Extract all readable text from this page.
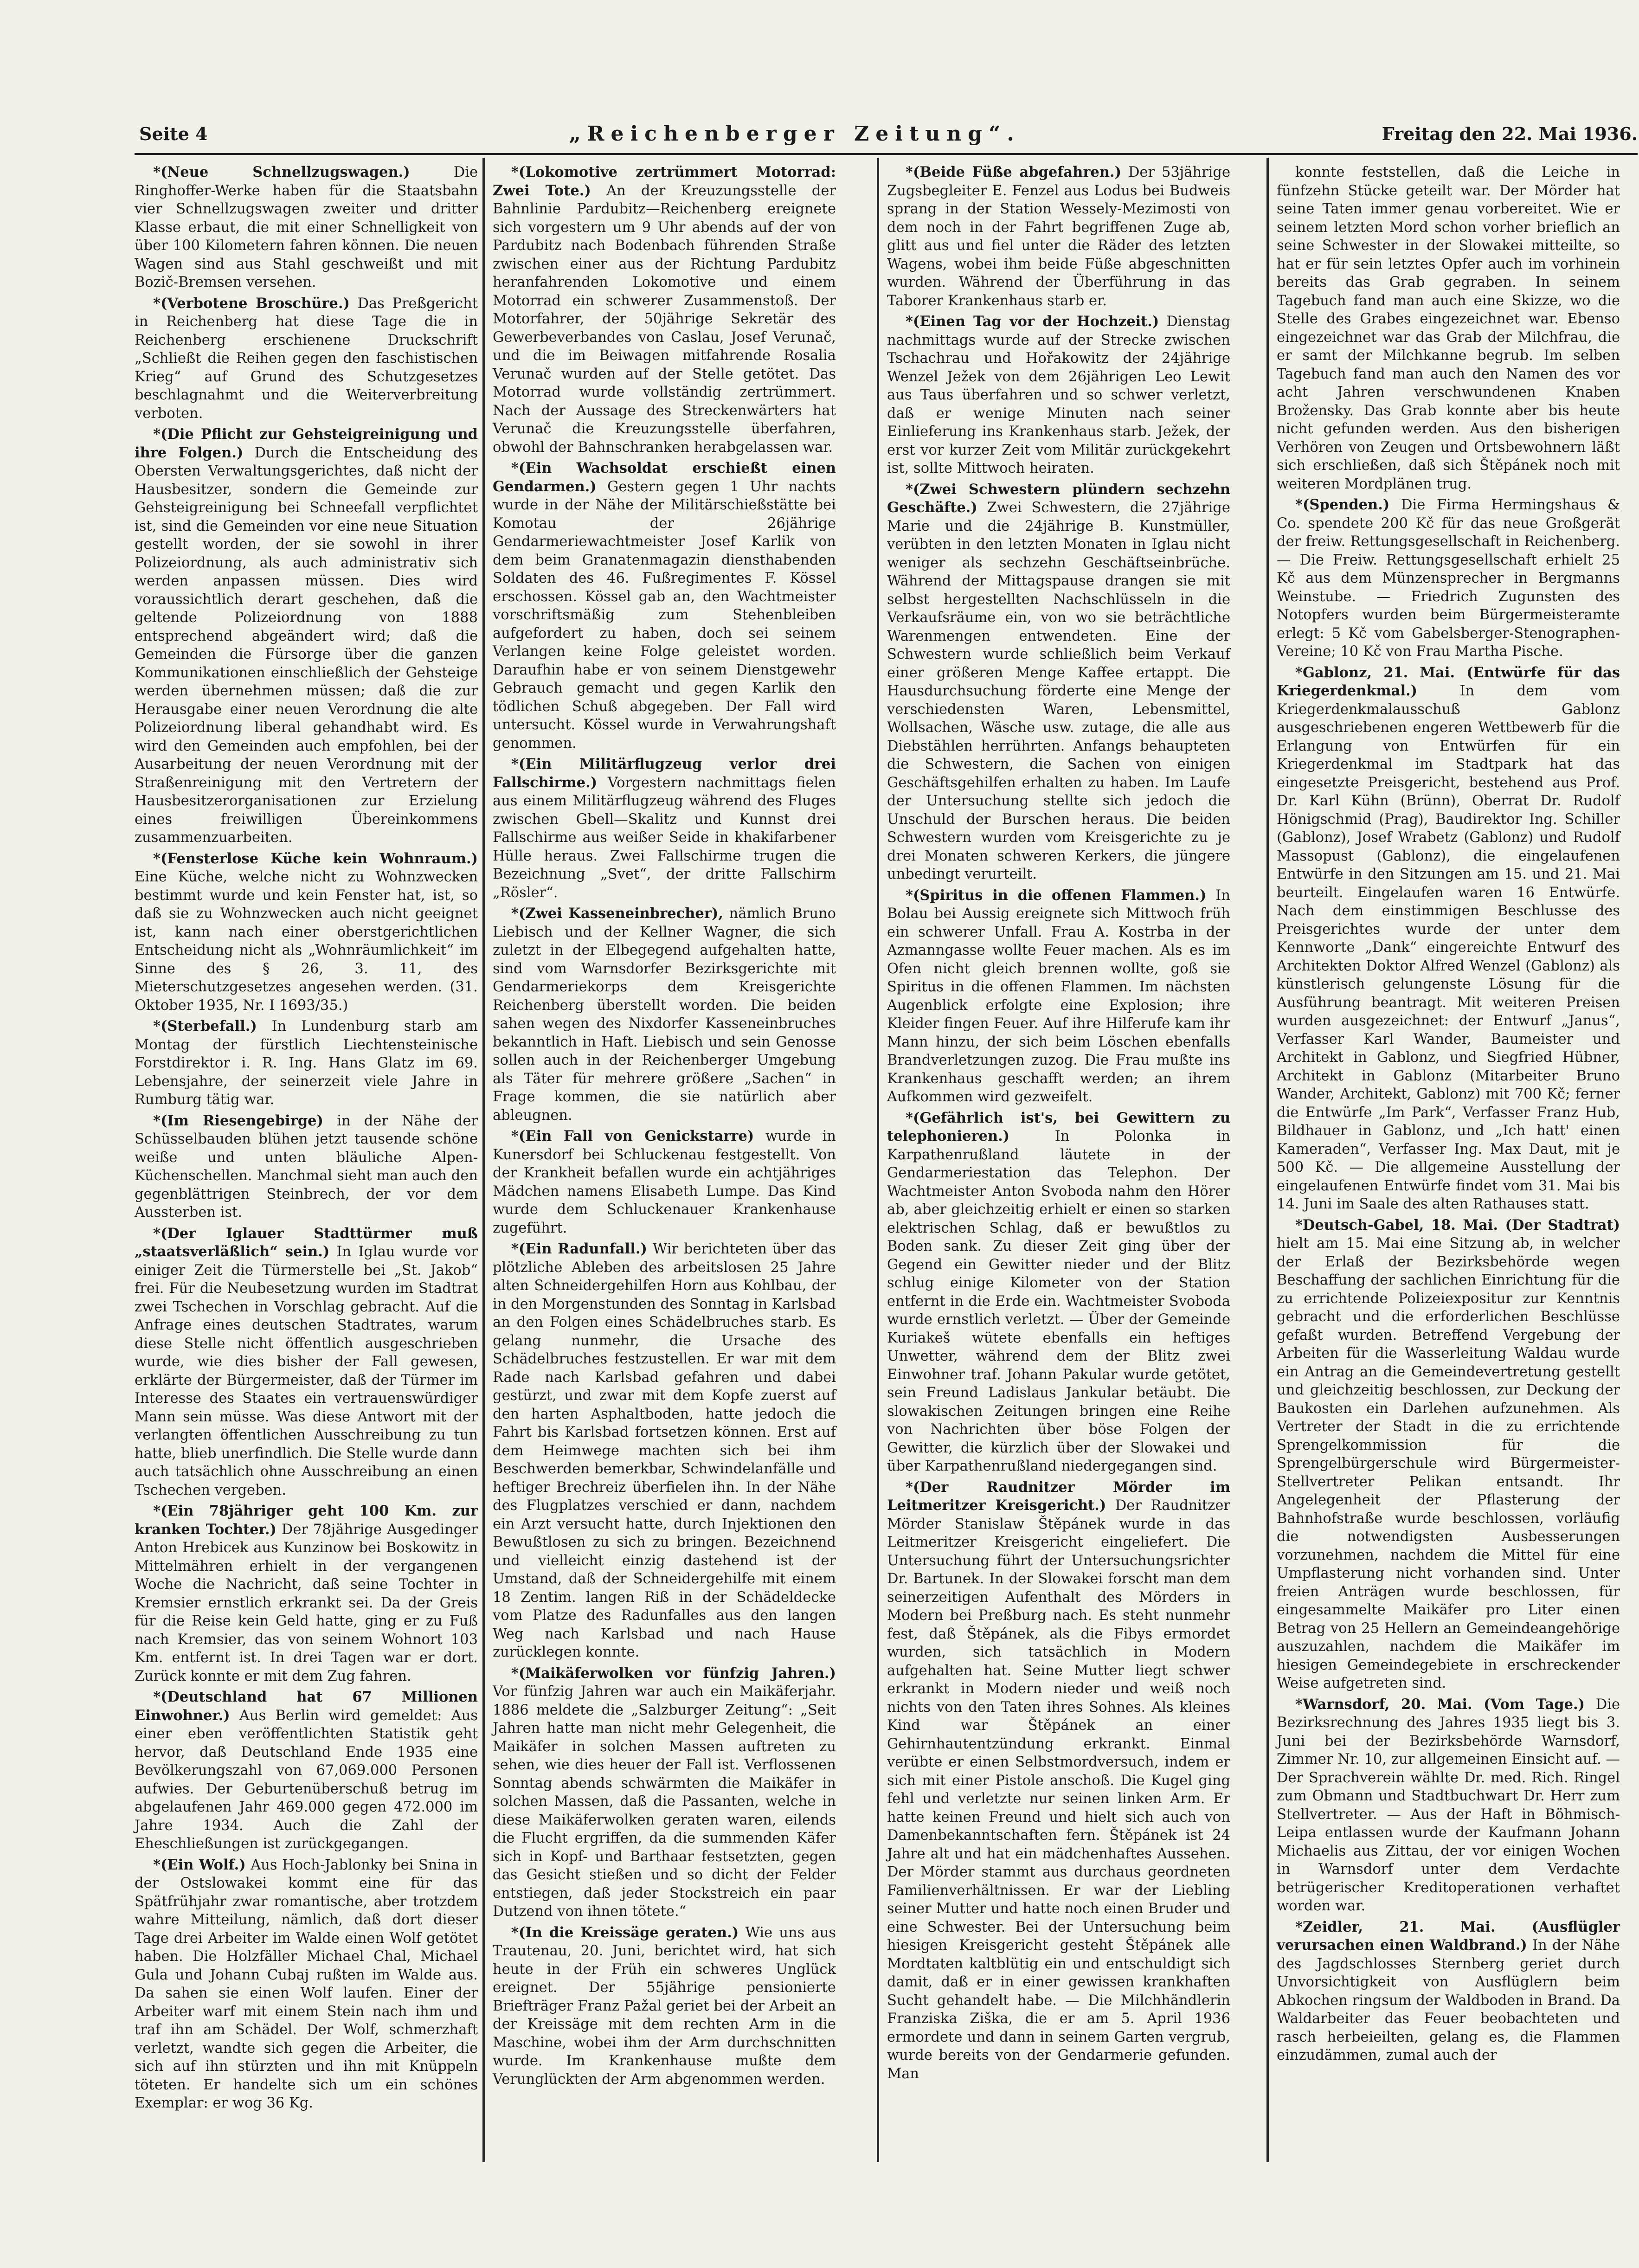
Seite 4	„Reichenberger Zeitung“.	Freitag den 22. Mai 1936.

*(Neue Schnellzugswagen.)	Die Ringhoffer-Werke haben für die Staatsbahn vier Schnellzugswagen zweiter und dritter Klasse erbaut, die mit einer Schnelligkeit von über 100 Kilometern fahren können. Die neuen Wagen sind aus Stahl geschweißt und mit Bozič-Bremsen versehen.

*(Verbotene Broschüre.) Das Preßgericht in Reichenberg hat diese Tage die in Reichenberg erschienene Druckschrift „Schließt die Reihen gegen den faschistischen Krieg“ auf Grund des Schutzgesetzes beschlagnahmt und die Weiterverbreitung verboten.

*(Die Pflicht zur Gehsteigreinigung und ihre Folgen.) Durch die Entscheidung des Obersten Verwaltungsgerichtes, daß nicht der Hausbesitzer, sondern die Gemeinde zur Gehsteigreinigung bei Schneefall verpflichtet ist, sind die Gemeinden vor eine neue Situation gestellt worden, der sie sowohl in ihrer Polizeiordnung, als auch administrativ sich werden anpassen müssen. Dies wird voraussichtlich derart geschehen, daß die geltende Polizeiordnung von 1888 entsprechend abgeändert wird; daß die Gemeinden die Fürsorge über die ganzen Kommunikationen einschließlich der Gehsteige werden übernehmen müssen; daß die zur Herausgabe einer neuen Verordnung die alte Polizeiordnung liberal gehandhabt wird. Es wird den Gemeinden auch empfohlen, bei der Ausarbeitung der neuen Verordnung mit der Straßenreinigung mit den Vertretern der Hausbesitzerorganisationen zur Erzielung eines freiwilligen Übereinkommens zusammenzuarbeiten.

*(Fensterlose Küche kein Wohnraum.) Eine Küche, welche nicht zu Wohnzwecken bestimmt wurde und kein Fenster hat, ist, so daß sie zu Wohnzwecken auch nicht geeignet ist, kann nach einer oberstgerichtlichen Entscheidung nicht als „Wohnräumlichkeit“ im Sinne des § 26, 3. 11, des Mieterschutzgesetzes angesehen werden. (31. Oktober 1935, Nr. I 1693/35.)

*(Sterbefall.) In Lundenburg starb am Montag der fürstlich Liechtensteinische Forstdirektor i. R. Ing. Hans Glatz im 69. Lebensjahre, der seinerzeit viele Jahre in Rumburg tätig war.

*(Im Riesengebirge) in der Nähe der Schüsselbauden blühen jetzt tausende schöne weiße und unten bläuliche Alpen-Küchenschellen. Manchmal sieht man auch den gegenblättrigen Steinbrech, der vor dem Aussterben ist.

*(Der Iglauer Stadttürmer muß „staatsverläßlich“ sein.) In Iglau wurde vor einiger Zeit die Türmerstelle bei „St. Jakob“ frei. Für die Neubesetzung wurden im Stadtrat zwei Tschechen in Vorschlag gebracht. Auf die Anfrage eines deutschen Stadtrates, warum diese Stelle nicht öffentlich ausgeschrieben wurde, wie dies bisher der Fall gewesen, erklärte der Bürgermeister, daß der Türmer im Interesse des Staates ein vertrauenswürdiger Mann sein müsse. Was diese Antwort mit der verlangten öffentlichen Ausschreibung zu tun hatte, blieb unerfindlich. Die Stelle wurde dann auch tatsächlich ohne Ausschreibung an einen Tschechen vergeben.

*(Ein 78jähriger geht 100 Km. zur kranken Tochter.) Der 78jährige Ausgedinger Anton Hrebicek aus Kunzinow bei Boskowitz in Mittelmähren erhielt in der vergangenen Woche die Nachricht, daß seine Tochter in Kremsier ernstlich erkrankt sei. Da der Greis für die Reise kein Geld hatte, ging er zu Fuß nach Kremsier, das von seinem Wohnort 103 Km. entfernt ist. In drei Tagen war er dort. Zurück konnte er mit dem Zug fahren.

*(Deutschland hat 67 Millionen Einwohner.) Aus Berlin wird gemeldet: Aus einer eben veröffentlichten Statistik geht hervor, daß Deutschland Ende 1935 eine Bevölkerungszahl von 67,069.000 Personen aufwies. Der Geburtenüberschuß betrug im abgelaufenen Jahr 469.000 gegen 472.000 im Jahre 1934. Auch die Zahl der Eheschließungen ist zurückgegangen.

*(Ein Wolf.) Aus Hoch-Jablonky bei Snina in der Ostslowakei kommt eine für das Spätfrühjahr zwar romantische, aber trotzdem wahre Mitteilung, nämlich, daß dort dieser Tage drei Arbeiter im Walde einen Wolf getötet haben. Die Holzfäller Michael Chal, Michael Gula und Johann Cubaj rußten im Walde aus. Da sahen sie einen Wolf laufen. Einer der Arbeiter warf mit einem Stein nach ihm und traf ihn am Schädel. Der Wolf, schmerzhaft verletzt, wandte sich gegen die Arbeiter, die sich auf ihn stürzten und ihn mit Knüppeln töteten. Er handelte sich um ein schönes Exemplar: er wog 36 Kg.

*(Lokomotive zertrümmert Motorrad: Zwei Tote.) An der Kreuzungsstelle der Bahnlinie Pardubitz—Reichenberg ereignete sich vorgestern um 9 Uhr abends auf der von Pardubitz nach Bodenbach führenden Straße zwischen einer aus der Richtung Pardubitz heranfahrenden Lokomotive und einem Motorrad ein schwerer Zusammenstoß. Der Motorfahrer, der 50jährige Sekretär des Gewerbeverbandes von Caslau, Josef Verunač, und die im Beiwagen mitfahrende Rosalia Verunač wurden auf der Stelle getötet. Das Motorrad wurde vollständig zertrümmert. Nach der Aussage des Streckenwärters hat Verunač die Kreuzungsstelle überfahren, obwohl der Bahnschranken herabgelassen war.

*(Ein Wachsoldat erschießt einen Gendarmen.) Gestern gegen 1 Uhr nachts wurde in der Nähe der Militärschießstätte bei Komotau der 26jährige Gendarmeriewachtmeister Josef Karlik von dem beim Granatenmagazin diensthabenden Soldaten des 46. Fußregimentes F. Kössel erschossen. Kössel gab an, den Wachtmeister vorschriftsmäßig zum Stehenbleiben aufgefordert zu haben, doch sei seinem Verlangen keine Folge geleistet worden. Daraufhin habe er von seinem Dienstgewehr Gebrauch gemacht und gegen Karlik den tödlichen Schuß abgegeben. Der Fall wird untersucht. Kössel wurde in Verwahrungshaft genommen.

*(Ein Militärflugzeug verlor drei Fallschirme.) Vorgestern nachmittags fielen aus einem Militärflugzeug während des Fluges zwischen Gbell—Skalitz und Kunnst drei Fallschirme aus weißer Seide in khakifarbener Hülle heraus. Zwei Fallschirme trugen die Bezeichnung „Svet“, der dritte Fallschirm „Rösler“.

*(Zwei Kasseneinbrecher), nämlich Bruno Liebisch und der Kellner Wagner, die sich zuletzt in der Elbegegend aufgehalten hatte, sind vom Warnsdorfer Bezirksgerichte mit Gendarmeriekorps dem Kreisgerichte Reichenberg überstellt worden. Die beiden sahen wegen des Nixdorfer Kasseneinbruches bekanntlich in Haft. Liebisch und sein Genosse sollen auch in der Reichenberger Umgebung als Täter für mehrere größere „Sachen“ in Frage kommen, die sie natürlich aber ableugnen.

*(Ein Fall von Genickstarre) wurde in Kunersdorf bei Schluckenau festgestellt. Von der Krankheit befallen wurde ein achtjähriges Mädchen namens Elisabeth Lumpe. Das Kind wurde dem Schluckenauer Krankenhause zugeführt.

*(Ein Radunfall.) Wir berichteten über das plötzliche Ableben des arbeitslosen 25 Jahre alten Schneidergehilfen Horn aus Kohlbau, der in den Morgenstunden des Sonntag in Karlsbad an den Folgen eines Schädelbruches starb. Es gelang nunmehr, die Ursache des Schädelbruches festzustellen. Er war mit dem Rade nach Karlsbad gefahren und dabei gestürzt, und zwar mit dem Kopfe zuerst auf den harten Asphaltboden, hatte jedoch die Fahrt bis Karlsbad fortsetzen können. Erst auf dem Heimwege machten sich bei ihm Beschwerden bemerkbar, Schwindelanfälle und heftiger Brechreiz überfielen ihn. In der Nähe des Flugplatzes verschied er dann, nachdem ein Arzt versucht hatte, durch Injektionen den Bewußtlosen zu sich zu bringen. Bezeichnend und vielleicht einzig dastehend ist der Umstand, daß der Schneidergehilfe mit einem 18 Zentim. langen Riß in der Schädeldecke vom Platze des Radunfalles aus den langen Weg nach Karlsbad und nach Hause zurücklegen konnte.

*(Maikäferwolken vor fünfzig Jahren.) Vor fünfzig Jahren war auch ein Maikäferjahr. 1886 meldete die „Salzburger Zeitung“: „Seit Jahren hatte man nicht mehr Gelegenheit, die Maikäfer in solchen Massen auftreten zu sehen, wie dies heuer der Fall ist. Verflossenen Sonntag abends schwärmten die Maikäfer in solchen Massen, daß die Passanten, welche in diese Maikäferwolken geraten waren, eilends die Flucht ergriffen, da die summenden Käfer sich in Kopf- und Barthaar festsetzten, gegen das Gesicht stießen und so dicht der Felder entstiegen, daß jeder Stockstreich ein paar Dutzend von ihnen tötete.“

*(In die Kreissäge geraten.) Wie uns aus Trautenau, 20. Juni, berichtet wird, hat sich heute in der Früh ein schweres Unglück ereignet. Der 55jährige pensionierte Briefträger Franz Pažal geriet bei der Arbeit an der Kreissäge mit dem rechten Arm in die Maschine, wobei ihm der Arm durchschnitten wurde. Im Krankenhause mußte dem Verunglückten der Arm abgenommen werden.

*(Beide Füße abgefahren.) Der 53jährige Zugsbegleiter E. Fenzel aus Lodus bei Budweis sprang in der Station Wessely-Mezimosti von dem noch in der Fahrt begriffenen Zuge ab, glitt aus und fiel unter die Räder des letzten Wagens, wobei ihm beide Füße abgeschnitten wurden. Während der Überführung in das Taborer Krankenhaus starb er.

*(Einen Tag vor der Hochzeit.) Dienstag nachmittags wurde auf der Strecke zwischen Tschachrau und Hořakowitz der 24jährige Wenzel Ježek von dem 26jährigen Leo Lewit aus Taus überfahren und so schwer verletzt, daß er wenige Minuten nach seiner Einlieferung ins Krankenhaus starb. Ježek, der erst vor kurzer Zeit vom Militär zurückgekehrt ist, sollte Mittwoch heiraten.

*(Zwei Schwestern plündern sechzehn Geschäfte.) Zwei Schwestern, die 27jährige Marie und die 24jährige B. Kunstmüller, verübten in den letzten Monaten in Iglau nicht weniger als sechzehn Geschäftseinbrüche. Während der Mittagspause drangen sie mit selbst hergestellten Nachschlüsseln in die Verkaufsräume ein, von wo sie beträchtliche Warenmengen entwendeten. Eine der Schwestern wurde schließlich beim Verkauf einer größeren Menge Kaffee ertappt. Die Hausdurchsuchung förderte eine Menge der verschiedensten Waren, Lebensmittel, Wollsachen, Wäsche usw. zutage, die alle aus Diebstählen herrührten. Anfangs behaupteten die Schwestern, die Sachen von einigen Geschäftsgehilfen erhalten zu haben. Im Laufe der Untersuchung stellte sich jedoch die Unschuld der Burschen heraus. Die beiden Schwestern wurden vom Kreisgerichte zu je drei Monaten schweren Kerkers, die jüngere unbedingt verurteilt.

*(Spiritus in die offenen Flammen.) In Bolau bei Aussig ereignete sich Mittwoch früh ein schwerer Unfall. Frau A. Kostrba in der Azmanngasse wollte Feuer machen. Als es im Ofen nicht gleich brennen wollte, goß sie Spiritus in die offenen Flammen. Im nächsten Augenblick erfolgte eine Explosion; ihre Kleider fingen Feuer. Auf ihre Hilferufe kam ihr Mann hinzu, der sich beim Löschen ebenfalls Brandverletzungen zuzog. Die Frau mußte ins Krankenhaus geschafft werden; an ihrem Aufkommen wird gezweifelt.

*(Gefährlich ist's, bei Gewittern zu telephonieren.)	In Polonka in Karpathenrußland läutete in der Gendarmeriestation das Telephon. Der Wachtmeister Anton Svoboda nahm den Hörer ab, aber gleichzeitig erhielt er einen so starken elektrischen Schlag, daß er bewußtlos zu Boden sank. Zu dieser Zeit ging über der Gegend ein Gewitter nieder und der Blitz schlug einige Kilometer von der Station entfernt in die Erde ein. Wachtmeister Svoboda wurde ernstlich verletzt. — Über der Gemeinde Kuriakeš wütete ebenfalls ein heftiges Unwetter, während dem der Blitz zwei Einwohner traf. Johann Pakular wurde getötet, sein Freund Ladislaus Jankular betäubt. Die slowakischen Zeitungen bringen eine Reihe von Nachrichten über böse Folgen der Gewitter, die kürzlich über der Slowakei und über Karpathenrußland niedergegangen sind.

*(Der Raudnitzer Mörder im Leitmeritzer Kreisgericht.) Der Raudnitzer Mörder Stanislaw Štěpánek wurde in das Leitmeritzer Kreisgericht eingeliefert. Die Untersuchung führt der Untersuchungsrichter Dr. Bartunek. In der Slowakei forscht man dem seinerzeitigen Aufenthalt des Mörders in Modern bei Preßburg nach. Es steht nunmehr fest, daß Štěpánek, als die Fibys ermordet wurden, sich tatsächlich in Modern aufgehalten hat. Seine Mutter liegt schwer erkrankt in Modern nieder und weiß noch nichts von den Taten ihres Sohnes. Als kleines Kind war Štěpánek an einer Gehirnhautentzündung erkrankt. Einmal verübte er einen Selbstmordversuch, indem er sich mit einer Pistole anschoß. Die Kugel ging fehl und verletzte nur seinen linken Arm. Er hatte keinen Freund und hielt sich auch von Damenbekanntschaften fern. Štěpánek ist 24 Jahre alt und hat ein mädchenhaftes Aussehen. Der Mörder stammt aus durchaus geordneten Familienverhältnissen. Er war der Liebling seiner Mutter und hatte noch einen Bruder und eine Schwester. Bei der Untersuchung beim hiesigen Kreisgericht gesteht Štěpánek alle Mordtaten kaltblütig ein und entschuldigt sich damit, daß er in einer gewissen krankhaften Sucht gehandelt habe. — Die Milchhändlerin Franziska Ziška, die er am 5. April 1936 ermordete und dann in seinem Garten vergrub, wurde bereits von der Gendarmerie gefunden. Man

konnte feststellen, daß die Leiche in fünfzehn Stücke geteilt war. Der Mörder hat seine Taten immer genau vorbereitet. Wie er seinem letzten Mord schon vorher brieflich an seine Schwester in der Slowakei mitteilte, so hat er für sein letztes Opfer auch im vorhinein bereits das Grab gegraben. In seinem Tagebuch fand man auch eine Skizze, wo die Stelle des Grabes eingezeichnet war. Ebenso eingezeichnet war das Grab der Milchfrau, die er samt der Milchkanne begrub. Im selben Tagebuch fand man auch den Namen des vor acht Jahren verschwundenen Knaben Brožensky. Das Grab konnte aber bis heute nicht gefunden werden. Aus den bisherigen Verhören von Zeugen und Ortsbewohnern läßt sich erschließen, daß sich Štěpánek noch mit weiteren Mordplänen trug.

*(Spenden.) Die Firma Hermingshaus & Co. spendete 200 Kč für das neue Großgerät der freiw. Rettungsgesellschaft in Reichenberg. — Die Freiw. Rettungsgesellschaft erhielt 25 Kč aus dem Münzensprecher in Bergmanns Weinstube. — Friedrich Zugunsten des Notopfers wurden beim Bürgermeisteramte erlegt: 5 Kč vom Gabelsberger-Stenographen-Vereine; 10 Kč von Frau Martha Pische.

*Gablonz, 21. Mai. (Entwürfe für das Kriegerdenkmal.)	In dem vom Kriegerdenkmalausschuß Gablonz ausgeschriebenen engeren Wettbewerb für die Erlangung von Entwürfen für ein Kriegerdenkmal im Stadtpark hat das eingesetzte Preisgericht, bestehend aus Prof. Dr. Karl Kühn (Brünn), Oberrat Dr. Rudolf Hönigschmid (Prag), Baudirektor Ing. Schiller (Gablonz), Josef Wrabetz (Gablonz) und Rudolf Massopust (Gablonz), die eingelaufenen Entwürfe in den Sitzungen am 15. und 21. Mai beurteilt. Eingelaufen waren 16 Entwürfe. Nach dem einstimmigen Beschlusse des Preisgerichtes wurde der unter dem Kennworte „Dank“ eingereichte Entwurf des Architekten Doktor Alfred Wenzel (Gablonz) als künstlerisch gelungenste Lösung für die Ausführung beantragt. Mit weiteren Preisen wurden ausgezeichnet: der Entwurf „Janus“, Verfasser Karl Wander, Baumeister und Architekt in Gablonz, und Siegfried Hübner, Architekt in Gablonz (Mitarbeiter Bruno Wander, Architekt, Gablonz) mit 700 Kč; ferner die Entwürfe „Im Park“, Verfasser Franz Hub, Bildhauer in Gablonz, und „Ich hatt' einen Kameraden“, Verfasser Ing. Max Daut, mit je 500 Kč. — Die allgemeine Ausstellung der eingelaufenen Entwürfe findet vom 31. Mai bis 14. Juni im Saale des alten Rathauses statt.

*Deutsch-Gabel, 18. Mai. (Der Stadtrat) hielt am 15. Mai eine Sitzung ab, in welcher der Erlaß der Bezirksbehörde wegen Beschaffung der sachlichen Einrichtung für die zu errichtende Polizeiexpositur zur Kenntnis gebracht und die erforderlichen Beschlüsse gefaßt wurden. Betreffend Vergebung der Arbeiten für die Wasserleitung Waldau wurde ein Antrag an die Gemeindevertretung gestellt und gleichzeitig beschlossen, zur Deckung der Baukosten ein Darlehen aufzunehmen. Als Vertreter der Stadt in die zu errichtende Sprengelkommission für die Sprengelbürgerschule wird Bürgermeister-Stellvertreter Pelikan entsandt. Ihr Angelegenheit der Pflasterung der Bahnhofstraße wurde beschlossen, vorläufig die notwendigsten Ausbesserungen vorzunehmen, nachdem die Mittel für eine Umpflasterung nicht vorhanden sind. Unter freien Anträgen wurde beschlossen, für eingesammelte Maikäfer pro Liter einen Betrag von 25 Hellern an Gemeindeangehörige auszuzahlen, nachdem die Maikäfer im hiesigen Gemeindegebiete in erschreckender Weise aufgetreten sind.

*Warnsdorf, 20. Mai. (Vom Tage.) Die Bezirksrechnung des Jahres 1935 liegt bis 3. Juni bei der Bezirksbehörde Warnsdorf, Zimmer Nr. 10, zur allgemeinen Einsicht auf. — Der Sprachverein wählte Dr. med. Rich. Ringel zum Obmann und Stadtbuchwart Dr. Herr zum Stellvertreter. — Aus der Haft in Böhmisch-Leipa entlassen wurde der Kaufmann Johann Michaelis aus Zittau, der vor einigen Wochen in Warnsdorf unter dem Verdachte betrügerischer Kreditoperationen verhaftet worden war.

*Zeidler, 21. Mai. (Ausflügler verursachen einen Waldbrand.) In der Nähe des Jagdschlosses Sternberg geriet durch Unvorsichtigkeit von Ausflüglern beim Abkochen ringsum der Waldboden in Brand. Da Waldarbeiter das Feuer beobachteten und rasch herbeieilten, gelang es, die Flammen einzudämmen, zumal auch der
